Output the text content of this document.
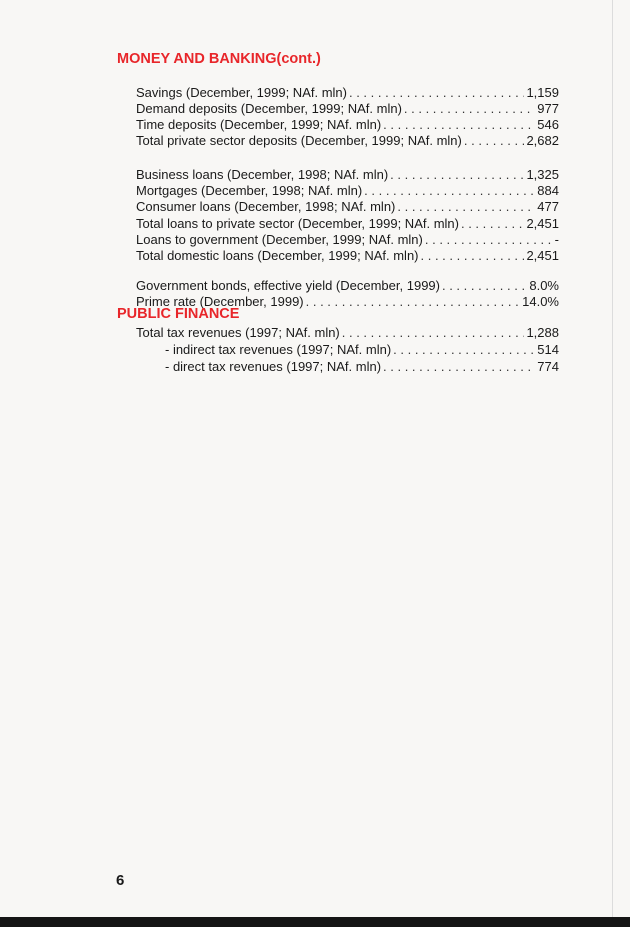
MONEY AND BANKING(cont.)
Savings (December, 1999; NAf. mln) . . .	1,159
Demand deposits (December, 1999; NAf. mln) . . .	977
Time deposits (December, 1999; NAf. mln) . . .	546
Total private sector deposits (December, 1999; NAf. mln) . . .	2,682
Business loans (December, 1998; NAf. mln) . . .	1,325
Mortgages (December, 1998; NAf. mln) . . .	884
Consumer loans (December, 1998; NAf. mln) . . .	477
Total loans to private sector (December, 1999; NAf. mln) . . .	2,451
Loans to government (December, 1999; NAf. mln) . . .	-
Total domestic loans (December, 1999; NAf. mln) . . .	2,451
Government bonds, effective yield (December, 1999) . . .	8.0%
Prime rate (December, 1999) . . .	14.0%
PUBLIC FINANCE
Total tax revenues (1997; NAf. mln) . . .	1,288
- indirect tax revenues (1997; NAf. mln) . . .	514
- direct tax revenues (1997; NAf. mln) . . .	774
6
